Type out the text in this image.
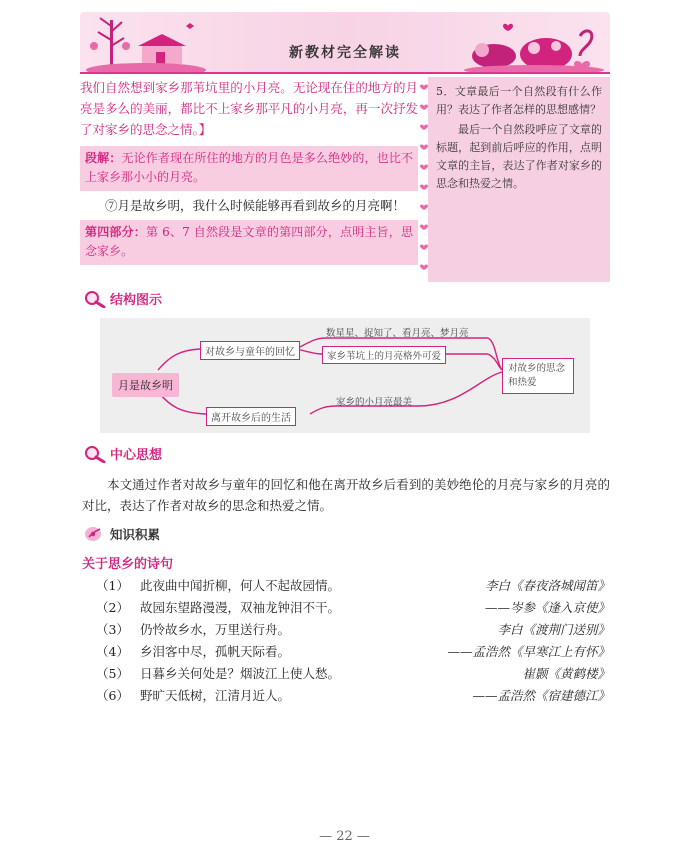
新教材完全解读

我们自然想到家乡那苇坑里的小月亮。无论现在住的地方的月亮是多么的美丽，都比不上家乡那平凡的小月亮，再一次抒发了对家乡的思念之情。】

段解：无论作者现在所住的地方的月色是多么绝妙的，也比不上家乡那小小的月亮。

⑦月是故乡明，我什么时候能够再看到故乡的月亮啊！

第四部分：第 6、7 自然段是文章的第四部分，点明主旨，思念家乡。

5．文章最后一个自然段有什么作用？表达了作者怎样的思想感情？

最后一个自然段呼应了文章的标题，起到前后呼应的作用，点明文章的主旨，表达了作者对家乡的思念和热爱之情。

结构图示
月是故乡明
对故乡与童年的回忆
数星星、捉知了、看月亮、梦月亮
家乡苇坑上的月亮格外可爱
离开故乡后的生活
家乡的小月亮最美
对故乡的思念和热爱
中心思想

本文通过作者对故乡与童年的回忆和他在离开故乡后看到的美妙绝伦的月亮与家乡的月亮的对比，表达了作者对故乡的思念和热爱之情。

知识积累
关于思乡的诗句
（1） 此夜曲中闻折柳，何人不起故园情。	李白《春夜洛城闻笛》
（2） 故园东望路漫漫，双袖龙钟泪不干。	——岑参《逢入京使》
（3） 仍怜故乡水，万里送行舟。	李白《渡荆门送别》
（4） 乡泪客中尽，孤帆天际看。	——孟浩然《早寒江上有怀》
（5） 日暮乡关何处是？烟波江上使人愁。	崔颢《黄鹤楼》
（6） 野旷天低树，江清月近人。	——孟浩然《宿建德江》
— 22 —
